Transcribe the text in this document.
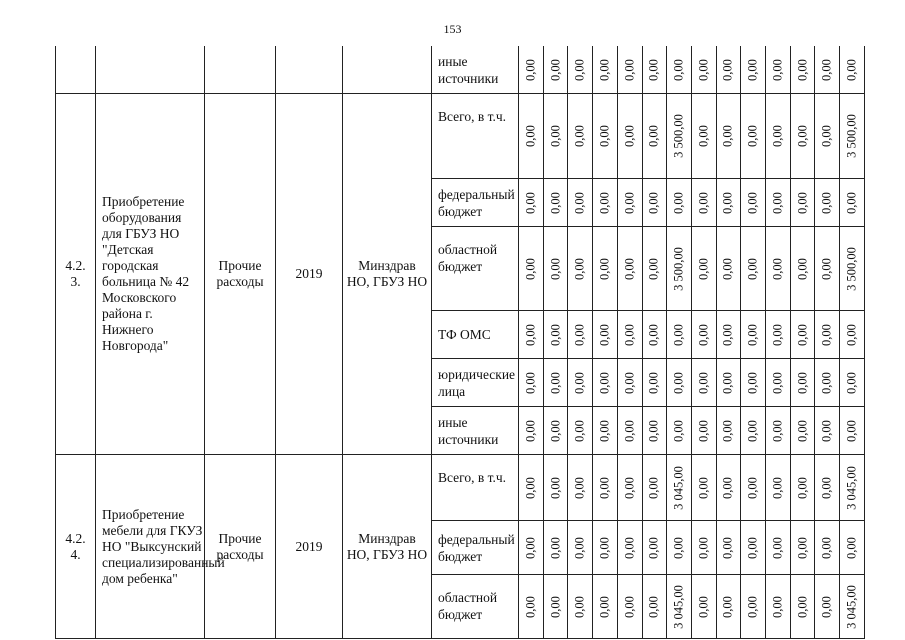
153
иные источники
4.2.
3.
Приобретение оборудования для ГБУЗ НО "Детская городская больница № 42 Московского района г. Нижнего Новгорода"
Прочие расходы
2019
Минздрав НО, ГБУЗ НО
Всего, в т.ч.
федеральный бюджет
областной бюджет
ТФ ОМС
юридические лица
иные источники
4.2.
4.
Приобретение мебели для ГКУЗ НО "Выксунский специализированный дом ребенка"
Прочие расходы
2019
Минздрав НО, ГБУЗ НО
Всего, в т.ч.
федеральный бюджет
областной бюджет
0,00 0,00 0,00 0,00 0,00 0,00 0,00 0,00 0,00 0,00 0,00 0,00 0,00 0,00
0,00 0,00 0,00 0,00 0,00 0,00 3 500,00 0,00 0,00 0,00 0,00 0,00 0,00 3 500,00
0,00 0,00 0,00 0,00 0,00 0,00 0,00 0,00 0,00 0,00 0,00 0,00 0,00 0,00
0,00 0,00 0,00 0,00 0,00 0,00 3 500,00 0,00 0,00 0,00 0,00 0,00 0,00 3 500,00
0,00 0,00 0,00 0,00 0,00 0,00 0,00 0,00 0,00 0,00 0,00 0,00 0,00 0,00
0,00 0,00 0,00 0,00 0,00 0,00 0,00 0,00 0,00 0,00 0,00 0,00 0,00 0,00
0,00 0,00 0,00 0,00 0,00 0,00 0,00 0,00 0,00 0,00 0,00 0,00 0,00 0,00
0,00 0,00 0,00 0,00 0,00 0,00 3 045,00 0,00 0,00 0,00 0,00 0,00 0,00 3 045,00
0,00 0,00 0,00 0,00 0,00 0,00 0,00 0,00 0,00 0,00 0,00 0,00 0,00 0,00
0,00 0,00 0,00 0,00 0,00 0,00 3 045,00 0,00 0,00 0,00 0,00 0,00 0,00 3 045,00
